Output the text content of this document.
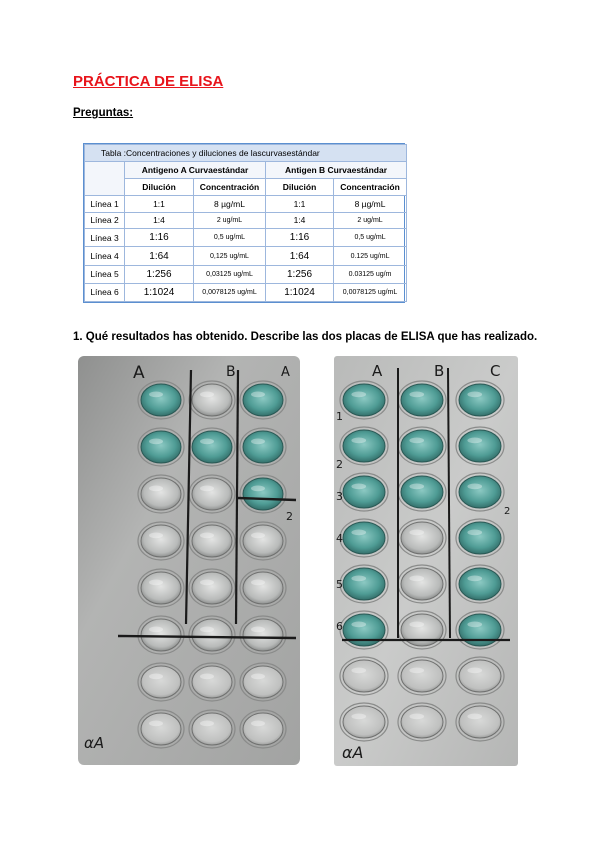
PRÁCTICA DE ELISA
Preguntas:
Tabla :Concentraciones y diluciones de lascurvasestándar				
	Antigeno A Curvaestándar		Antigen B Curvaestándar	
	Dilución	Concentración	Dilución	Concentración
Línea 1	1:1	8 µg/mL	1:1	8 µg/mL
Línea 2	1:4	2 ug/mL	1:4	2 ug/mL
Línea 3	1:16	0,5 ug/mL	1:16	0,5 ug/mL
Línea 4	1:64	0,125 ug/mL	1:64	0.125 ug/mL
Línea 5	1:256	0,03125 ug/mL	1:256	0.03125 ug/m
Línea 6	1:1024	0,0078125 ug/mL	1:1024	0,0078125 ug/mL
1. Qué resultados has obtenido. Describe las dos placas de ELISA que has realizado.
A	B	A
2
αA
A	B	C
1
2
3
4
5
6
2
αA
